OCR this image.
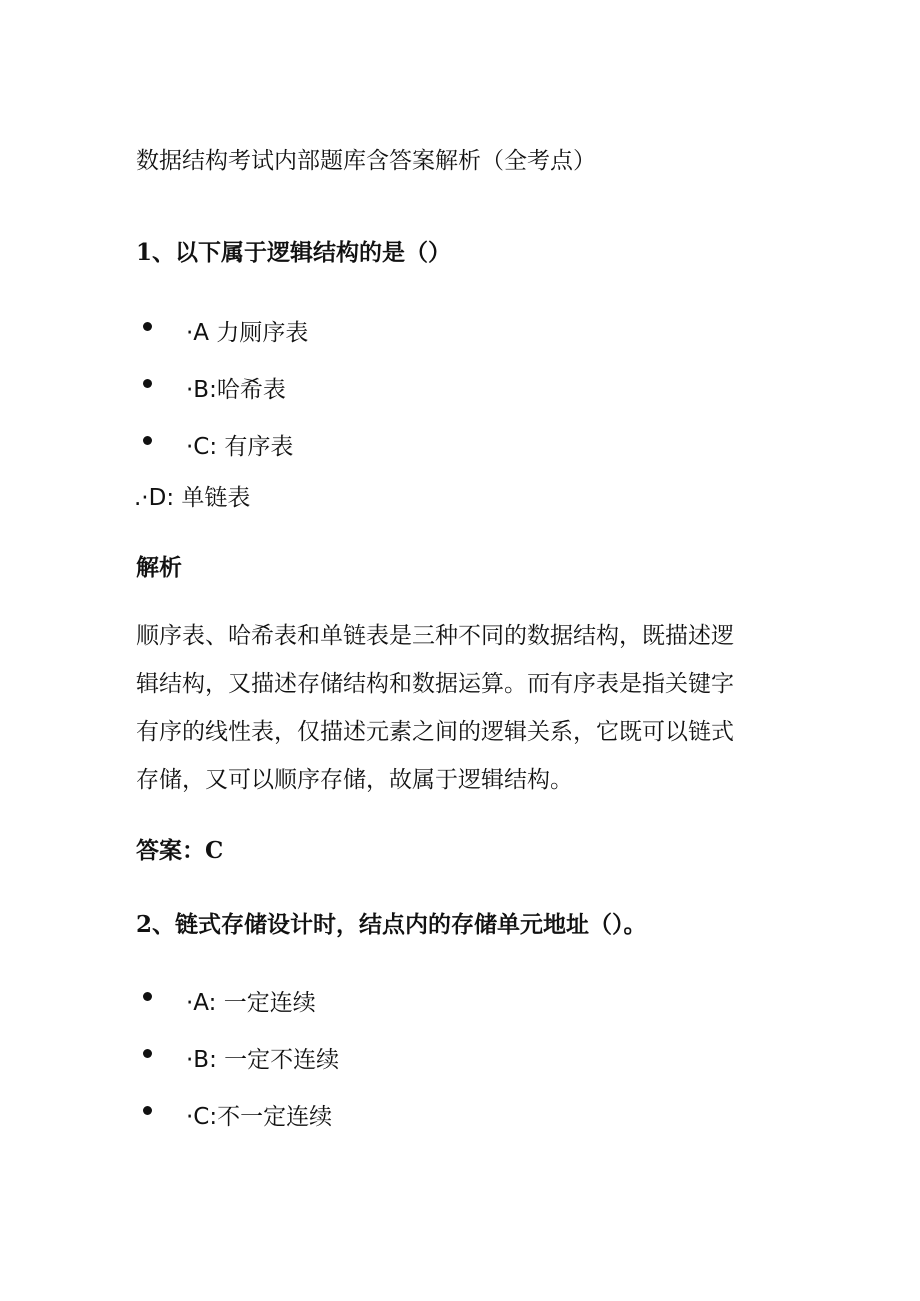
数据结构考试内部题库含答案解析（全考点）
1、以下属于逻辑结构的是（）
·A 力厕序表
·B:哈希表
·C: 有序表
.·D: 单链表
解析
顺序表、哈希表和单链表是三种不同的数据结构，既描述逻
辑结构，又描述存储结构和数据运算。而有序表是指关键字
有序的线性表，仅描述元素之间的逻辑关系，它既可以链式
存储，又可以顺序存储，故属于逻辑结构。
答案：C
2、链式存储设计时，结点内的存储单元地址（）。
·A: 一定连续
·B: 一定不连续
·C:不一定连续
